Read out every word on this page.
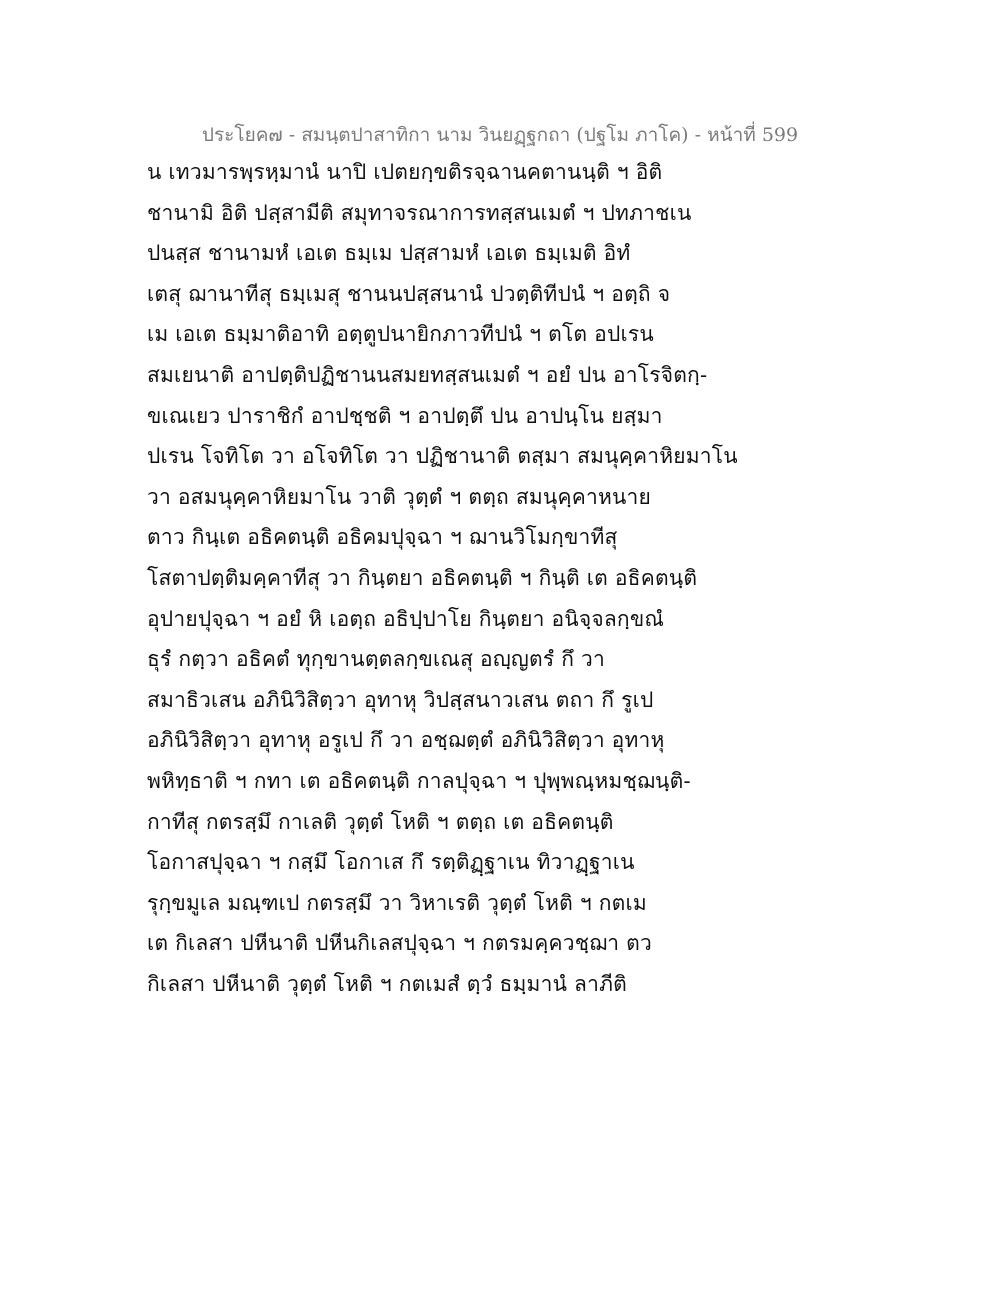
ประโยค๗ - สมนฺตปาสาทิกา นาม วินยฏฺฐกถา (ปฐโม ภาโค) - หน้าที่ 599
น เทวมารพฺรหฺมานํ นาปิ เปตยกฺขติรจฺฉานคตานนฺติ ฯ อิติ
ชานามิ อิติ ปสฺสามีติ สมุทาจรณาการทสฺสนเมตํ ฯ ปทภาชเน
ปนสฺส ชานามหํ เอเต ธมฺเม ปสฺสามหํ เอเต ธมฺเมติ อิทํ
เตสุ ฌานาทีสุ ธมฺเมสุ ชานนปสฺสนานํ ปวตฺติทีปนํ ฯ อตฺถิ จ
เม เอเต ธมฺมาติอาทิ อตฺตูปนายิกภาวทีปนํ ฯ ตโต อปเรน
สมเยนาติ อาปตฺติปฏิชานนสมยทสฺสนเมตํ ฯ อยํ ปน อาโรจิตกฺ-
ขเณเยว ปาราชิกํ อาปชฺชติ ฯ อาปตฺตึ ปน อาปนฺโน ยสฺมา
ปเรน โจทิโต วา อโจทิโต วา ปฏิชานาติ ตสฺมา สมนุคฺคาหิยมาโน
วา อสมนุคฺคาหิยมาโน วาติ วุตฺตํ ฯ ตตฺถ สมนุคฺคาหนาย
ตาว กินฺเต อธิคตนฺติ อธิคมปุจฺฉา ฯ ฌานวิโมกฺขาทีสุ
โสตาปตฺติมคฺคาทีสุ วา กินฺตยา อธิคตนฺติ ฯ กินฺติ เต อธิคตนฺติ
อุปายปุจฺฉา ฯ อยํ หิ เอตฺถ อธิปฺปาโย กินฺตยา อนิจฺจลกฺขณํ
ธุรํ กตฺวา อธิคตํ ทุกฺขานตฺตลกฺขเณสุ อญฺญตรํ กึ วา
สมาธิวเสน อภินิวิสิตฺวา อุทาหุ วิปสฺสนาวเสน ตถา กึ รูเป
อภินิวิสิตฺวา อุทาหุ อรูเป กึ วา อชฺฌตฺตํ อภินิวิสิตฺวา อุทาหุ
พหิทฺธาติ ฯ กทา เต อธิคตนฺติ กาลปุจฺฉา ฯ ปุพฺพณฺหมชฺฌนฺติ-
กาทีสุ กตรสฺมึ กาเลติ วุตฺตํ โหติ ฯ ตตฺถ เต อธิคตนฺติ
โอกาสปุจฺฉา ฯ กสฺมึ โอกาเส กึ รตฺติฏฺฐาเน ทิวาฏฺฐาเน
รุกฺขมูเล มณฺฑเป กตรสฺมึ วา วิหาเรติ วุตฺตํ โหติ ฯ กตเม
เต กิเลสา ปหีนาติ ปหีนกิเลสปุจฺฉา ฯ กตรมคฺควชฺฌา ตว
กิเลสา ปหีนาติ วุตฺตํ โหติ ฯ กตเมสํ ตฺวํ ธมฺมานํ ลาภีติ
